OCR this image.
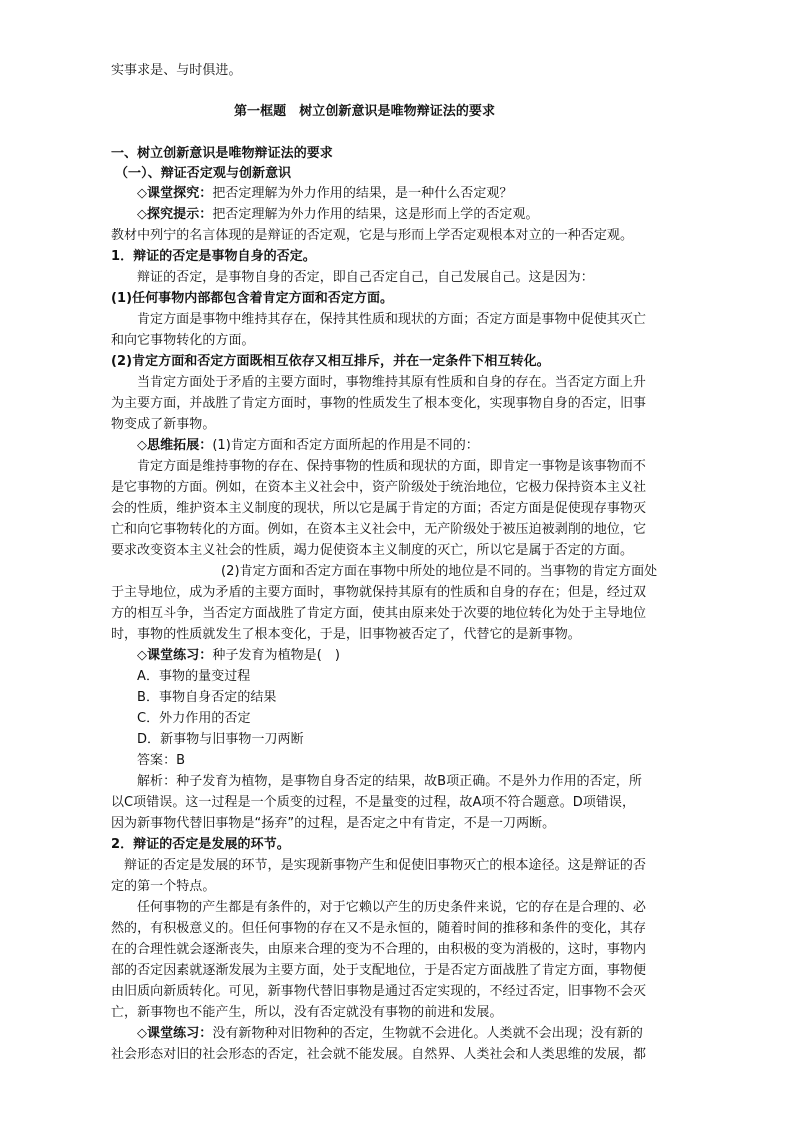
实事求是、与时俱进。
第一框题　树立创新意识是唯物辩证法的要求
一、树立创新意识是唯物辩证法的要求
（一）、辩证否定观与创新意识
◇课堂探究：把否定理解为外力作用的结果，是一种什么否定观？
◇探究提示：把否定理解为外力作用的结果，这是形而上学的否定观。
教材中列宁的名言体现的是辩证的否定观，它是与形而上学否定观根本对立的一种否定观。
1．辩证的否定是事物自身的否定。
辩证的否定，是事物自身的否定，即自己否定自己，自己发展自己。这是因为：
(1)任何事物内部都包含着肯定方面和否定方面。
肯定方面是事物中维持其存在，保持其性质和现状的方面；否定方面是事物中促使其灭亡
和向它事物转化的方面。
(2)肯定方面和否定方面既相互依存又相互排斥，并在一定条件下相互转化。
当肯定方面处于矛盾的主要方面时，事物维持其原有性质和自身的存在。当否定方面上升
为主要方面，并战胜了肯定方面时，事物的性质发生了根本变化，实现事物自身的否定，旧事
物变成了新事物。
◇思维拓展：(1)肯定方面和否定方面所起的作用是不同的：
肯定方面是维持事物的存在、保持事物的性质和现状的方面，即肯定一事物是该事物而不
是它事物的方面。例如，在资本主义社会中，资产阶级处于统治地位，它极力保持资本主义社
会的性质，维护资本主义制度的现状，所以它是属于肯定的方面；否定方面是促使现存事物灭
亡和向它事物转化的方面。例如，在资本主义社会中，无产阶级处于被压迫被剥削的地位，它
要求改变资本主义社会的性质，竭力促使资本主义制度的灭亡，所以它是属于否定的方面。
(2)肯定方面和否定方面在事物中所处的地位是不同的。当事物的肯定方面处
于主导地位，成为矛盾的主要方面时，事物就保持其原有的性质和自身的存在；但是，经过双
方的相互斗争，当否定方面战胜了肯定方面，使其由原来处于次要的地位转化为处于主导地位
时，事物的性质就发生了根本变化，于是，旧事物被否定了，代替它的是新事物。
◇课堂练习：种子发育为植物是(　)
A．事物的量变过程
B．事物自身否定的结果
C．外力作用的否定
D．新事物与旧事物一刀两断
答案：B
解析：种子发育为植物，是事物自身否定的结果，故B项正确。不是外力作用的否定，所
以C项错误。这一过程是一个质变的过程，不是量变的过程，故A项不符合题意。D项错误，
因为新事物代替旧事物是“扬弃”的过程，是否定之中有肯定，不是一刀两断。
2．辩证的否定是发展的环节。
辩证的否定是发展的环节，是实现新事物产生和促使旧事物灭亡的根本途径。这是辩证的否
定的第一个特点。
任何事物的产生都是有条件的，对于它赖以产生的历史条件来说，它的存在是合理的、必
然的，有积极意义的。但任何事物的存在又不是永恒的，随着时间的推移和条件的变化，其存
在的合理性就会逐渐丧失，由原来合理的变为不合理的，由积极的变为消极的，这时，事物内
部的否定因素就逐渐发展为主要方面，处于支配地位，于是否定方面战胜了肯定方面，事物便
由旧质向新质转化。可见，新事物代替旧事物是通过否定实现的，不经过否定，旧事物不会灭
亡，新事物也不能产生，所以，没有否定就没有事物的前进和发展。
◇课堂练习：没有新物种对旧物种的否定，生物就不会进化。人类就不会出现；没有新的
社会形态对旧的社会形态的否定，社会就不能发展。自然界、人类社会和人类思维的发展，都
